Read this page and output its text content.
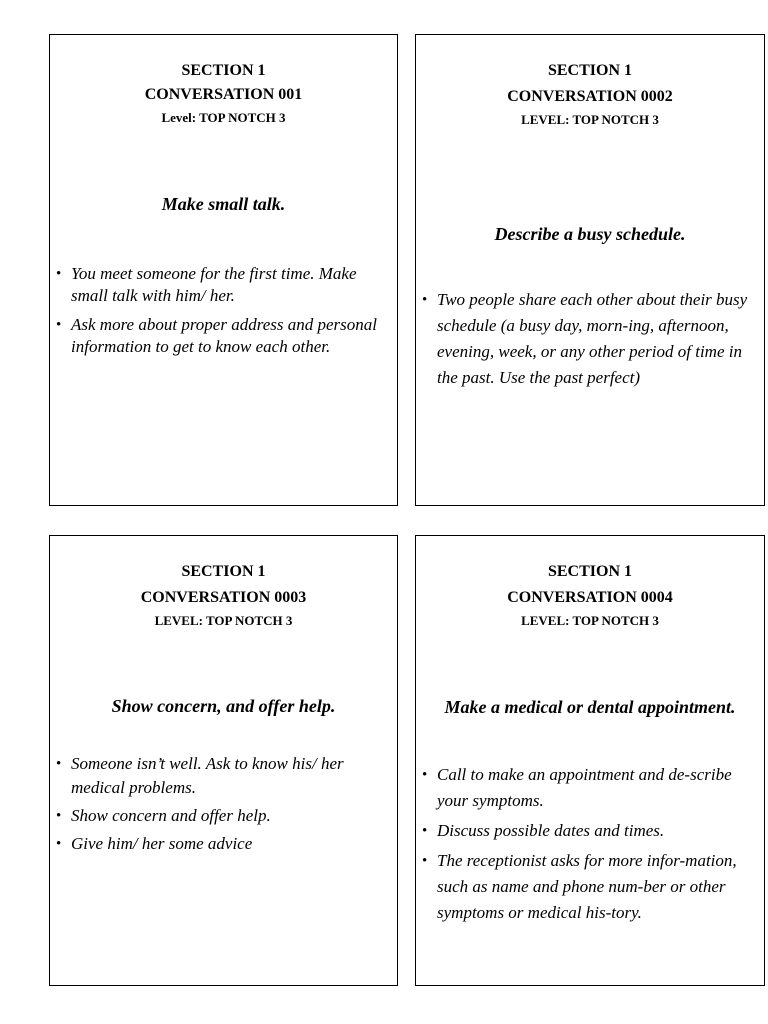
SECTION 1

CONVERSATION 001

Level: TOP NOTCH 3

Make small talk.

• You meet someone for the first time. Make small talk with him/ her.
• Ask more about proper address and personal information to get to know each other.

SECTION 1

CONVERSATION 0002

LEVEL: TOP NOTCH 3

Describe a busy schedule.

• Two people share each other about their busy schedule (a busy day, morn-ing, afternoon, evening, week, or any other period of time in the past. Use the past perfect)

SECTION 1

CONVERSATION 0003

LEVEL: TOP NOTCH 3

Show concern, and offer help.

• Someone isn’t well. Ask to know his/ her medical problems.
• Show concern and offer help.
• Give him/ her some advice

SECTION 1

CONVERSATION 0004

LEVEL: TOP NOTCH 3

Make a medical or dental appointment.

• Call to make an appointment and de-scribe your symptoms.
• Discuss possible dates and times.
• The receptionist asks for more infor-mation, such as name and phone num-ber or other symptoms or medical his-tory.
